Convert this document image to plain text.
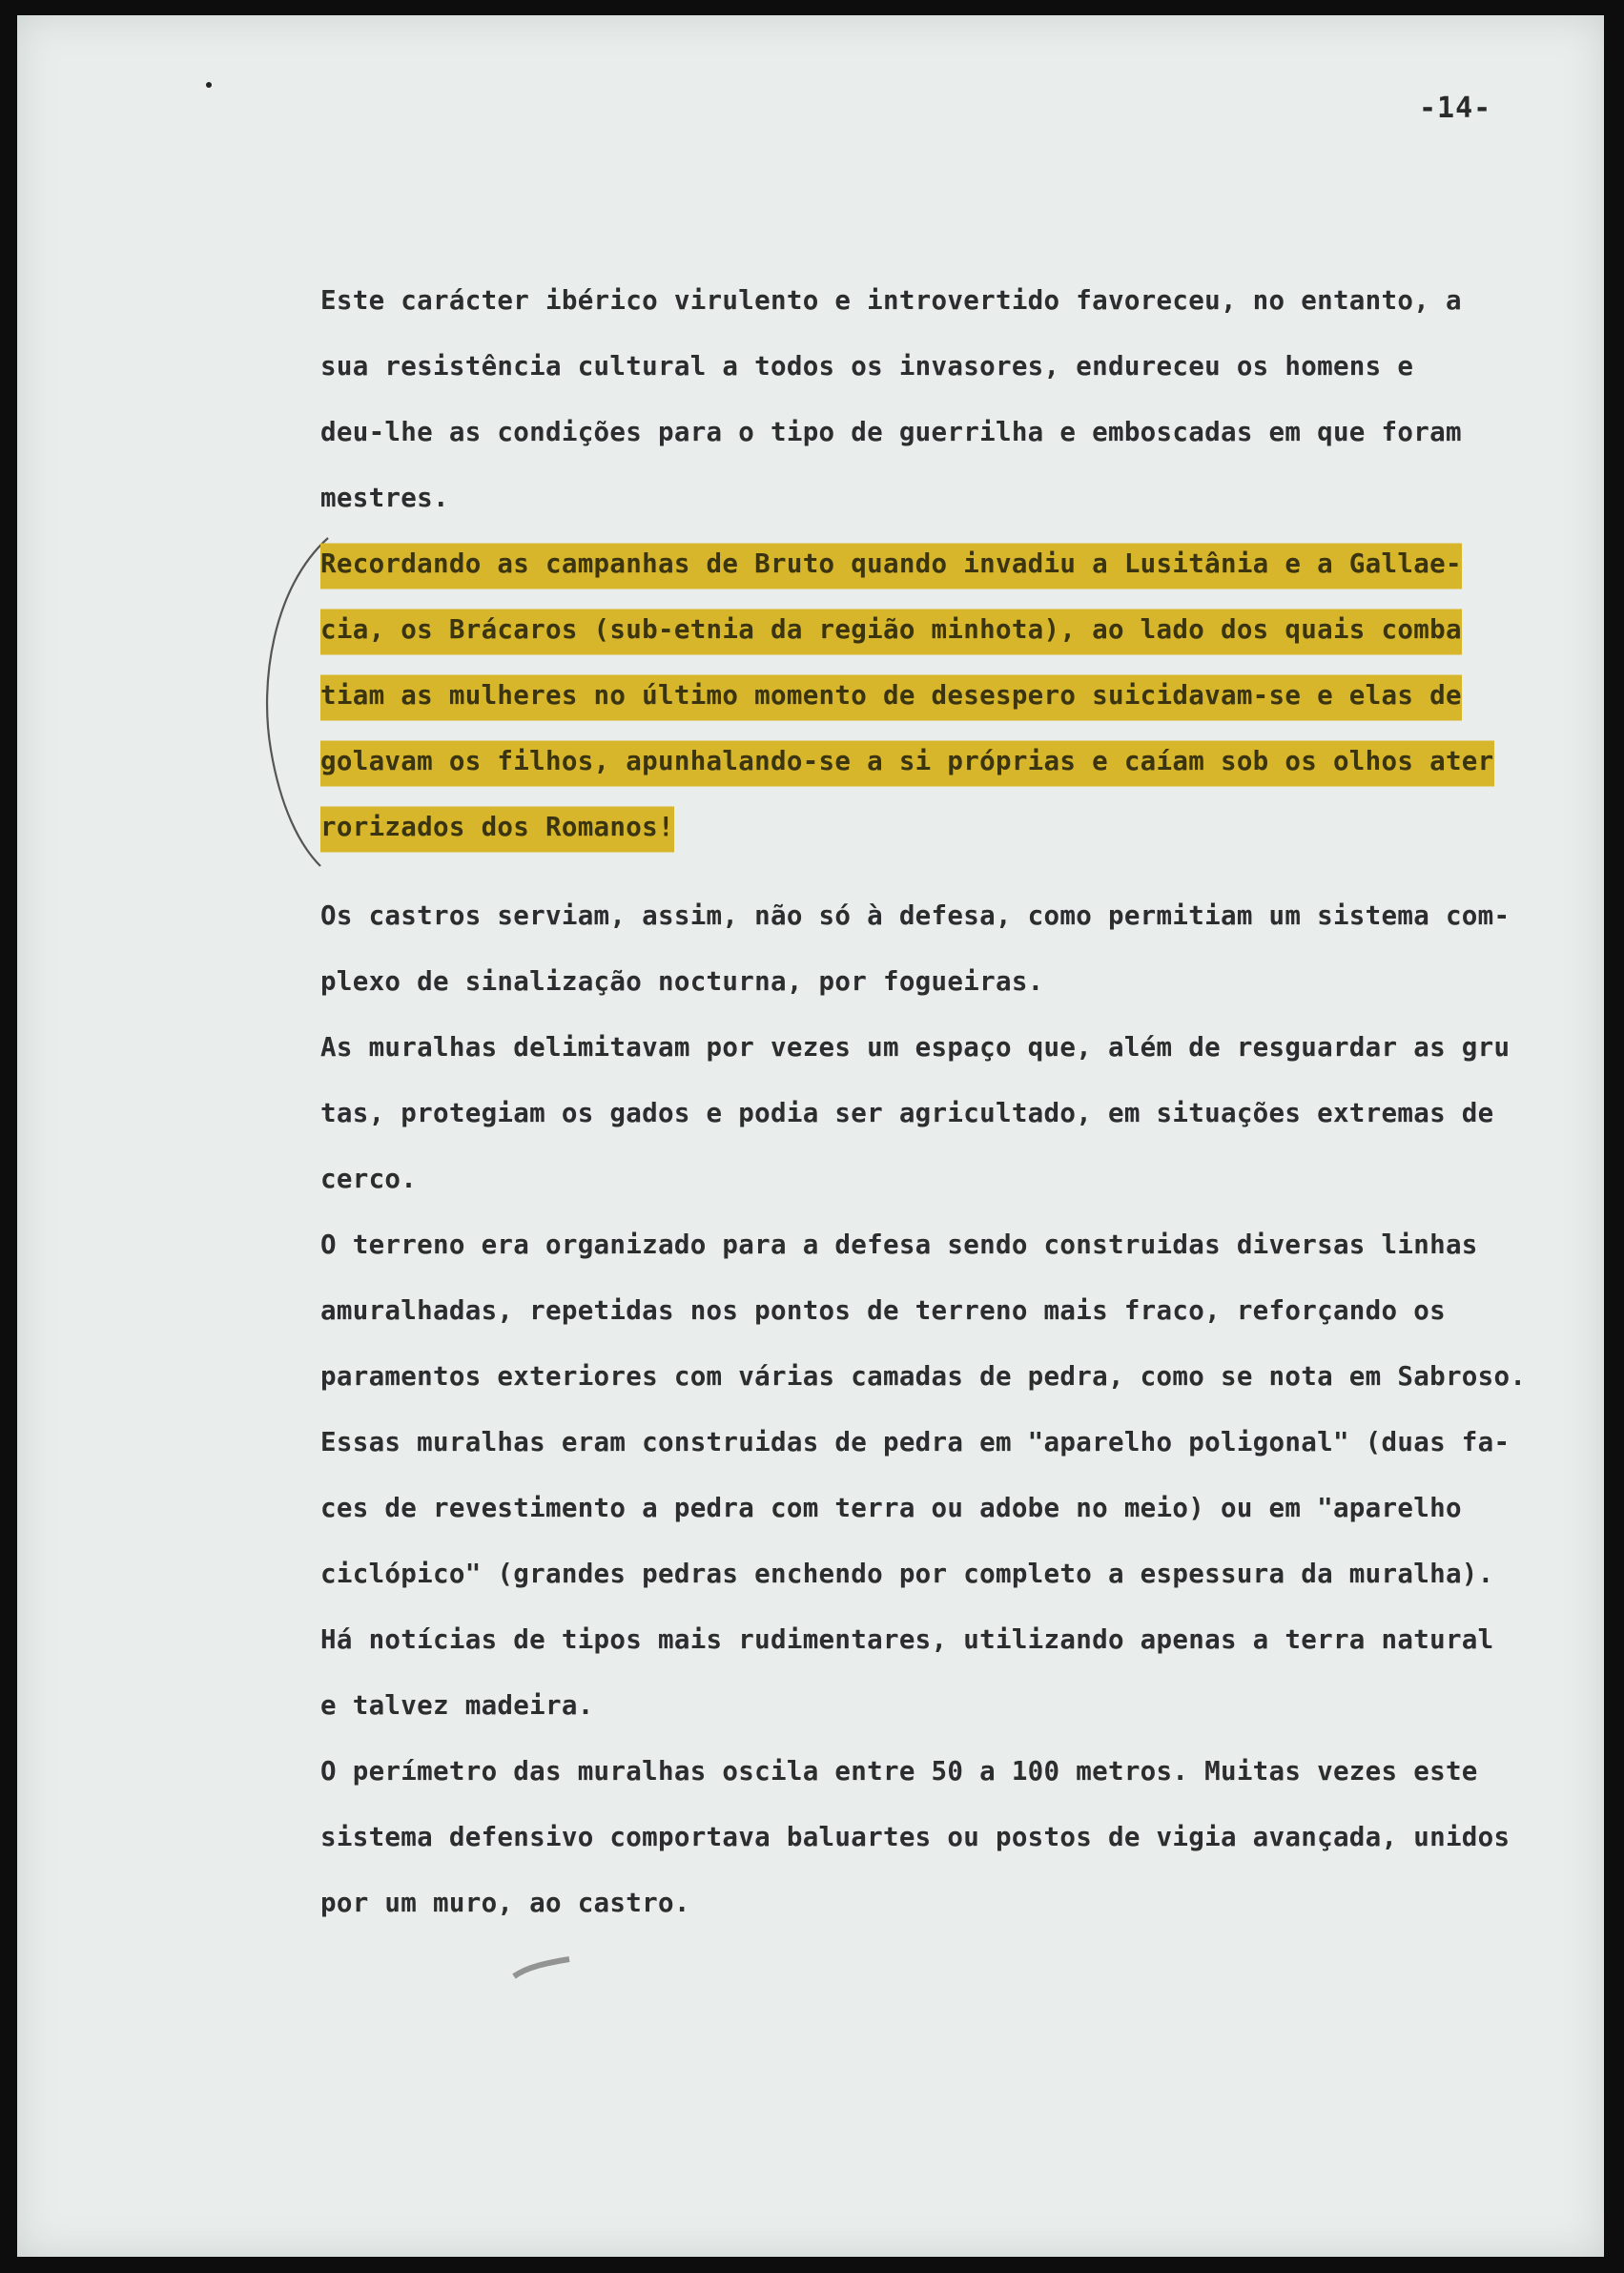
-14-
Este carácter ibérico virulento e introvertido favoreceu, no entanto, a
sua resistência cultural a todos os invasores, endureceu os homens e
deu-lhe as condições para o tipo de guerrilha e emboscadas em que foram
mestres.
Recordando as campanhas de Bruto quando invadiu a Lusitânia e a Gallae-
cia, os Brácaros (sub-etnia da região minhota), ao lado dos quais comba
tiam as mulheres no último momento de desespero suicidavam-se e elas de
golavam os filhos, apunhalando-se a si próprias e caíam sob os olhos ater
rorizados dos Romanos!
Os castros serviam, assim, não só à defesa, como permitiam um sistema com-
plexo de sinalização nocturna, por fogueiras.
As muralhas delimitavam por vezes um espaço que, além de resguardar as gru
tas, protegiam os gados e podia ser agricultado, em situações extremas de
cerco.
O terreno era organizado para a defesa sendo construidas diversas linhas
amuralhadas, repetidas nos pontos de terreno mais fraco, reforçando os
paramentos exteriores com várias camadas de pedra, como se nota em Sabroso.
Essas muralhas eram construidas de pedra em "aparelho poligonal" (duas fa-
ces de revestimento a pedra com terra ou adobe no meio) ou em "aparelho
ciclópico" (grandes pedras enchendo por completo a espessura da muralha).
Há notícias de tipos mais rudimentares, utilizando apenas a terra natural
e talvez madeira.
O perímetro das muralhas oscila entre 50 a 100 metros. Muitas vezes este
sistema defensivo comportava baluartes ou postos de vigia avançada, unidos
por um muro, ao castro.
